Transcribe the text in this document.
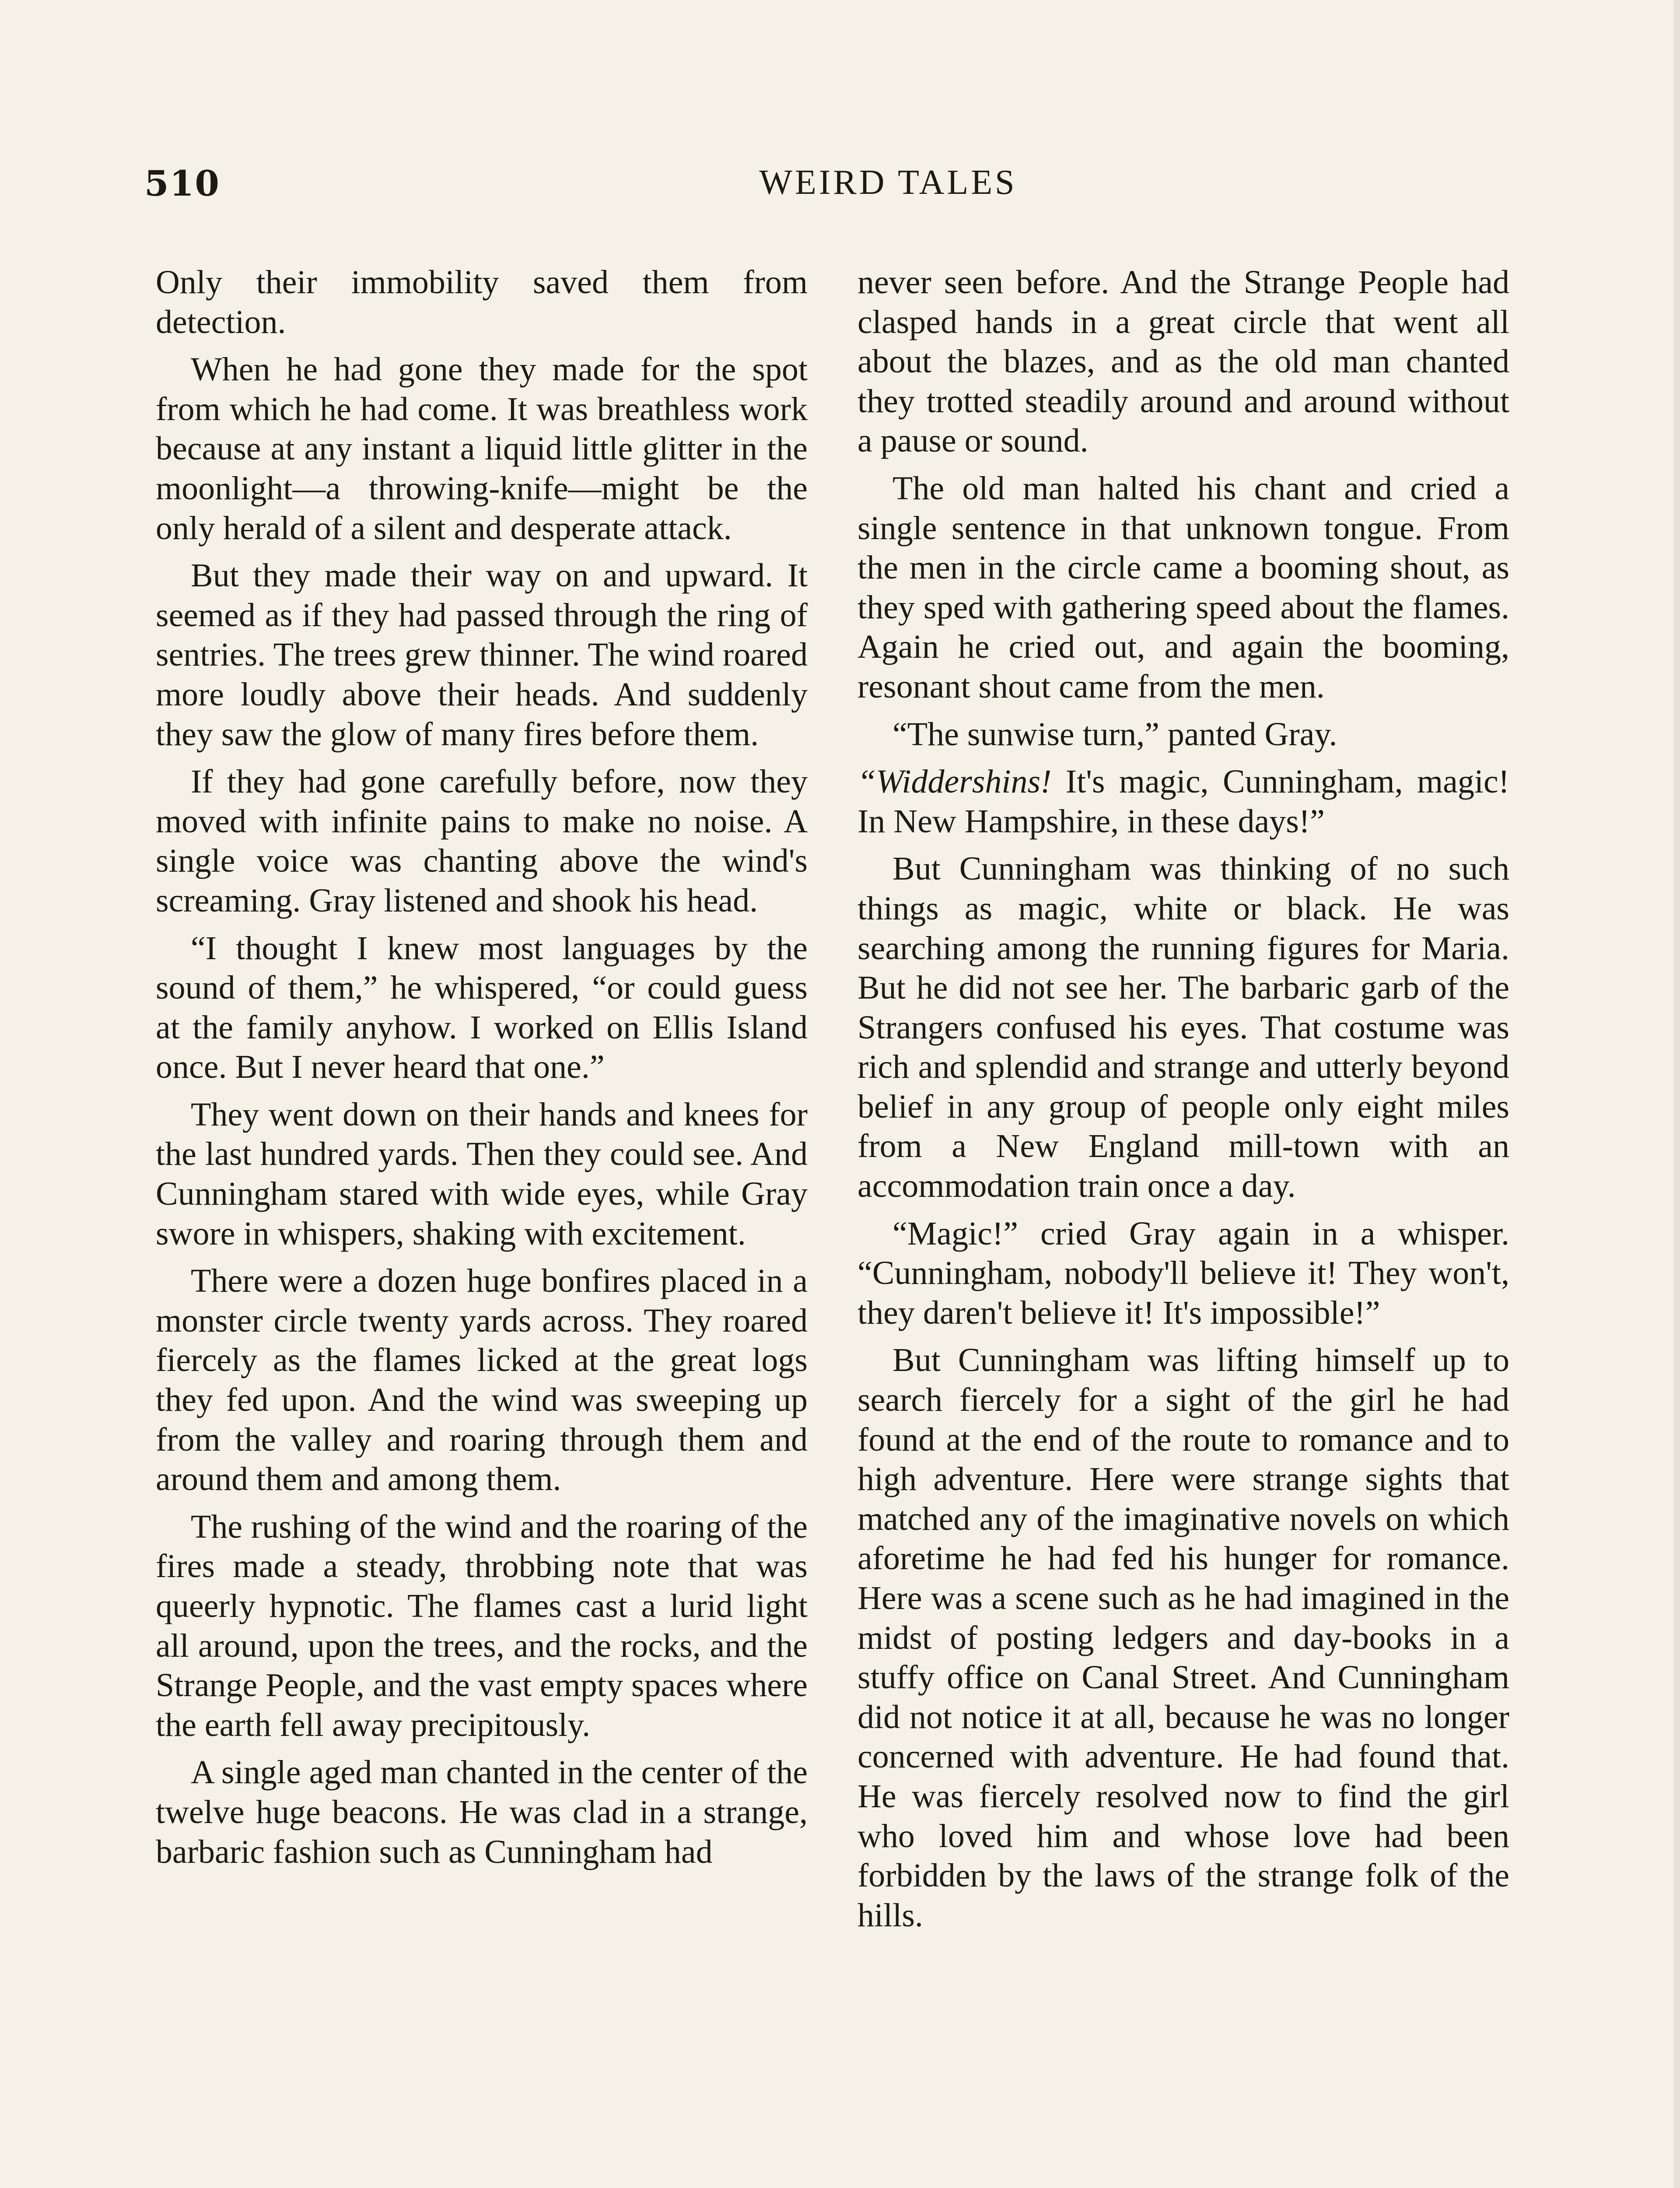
510	WEIRD TALES

Only their immobility saved them from detection.

When he had gone they made for the spot from which he had come. It was breathless work because at any instant a liquid little glitter in the moonlight—a throwing-knife—might be the only herald of a silent and desperate attack.

But they made their way on and upward. It seemed as if they had passed through the ring of sentries. The trees grew thinner. The wind roared more loudly above their heads. And suddenly they saw the glow of many fires before them.

If they had gone carefully before, now they moved with infinite pains to make no noise. A single voice was chanting above the wind's screaming. Gray listened and shook his head.

“I thought I knew most languages by the sound of them,” he whispered, “or could guess at the family anyhow. I worked on Ellis Island once. But I never heard that one.”

They went down on their hands and knees for the last hundred yards. Then they could see. And Cunningham stared with wide eyes, while Gray swore in whispers, shaking with excitement.

There were a dozen huge bonfires placed in a monster circle twenty yards across. They roared fiercely as the flames licked at the great logs they fed upon. And the wind was sweeping up from the valley and roaring through them and around them and among them.

The rushing of the wind and the roaring of the fires made a steady, throbbing note that was queerly hypnotic. The flames cast a lurid light all around, upon the trees, and the rocks, and the Strange People, and the vast empty spaces where the earth fell away precipitously.

A single aged man chanted in the center of the twelve huge beacons. He was clad in a strange, barbaric fashion such as Cunningham had

never seen before. And the Strange People had clasped hands in a great circle that went all about the blazes, and as the old man chanted they trotted steadily around and around without a pause or sound.

The old man halted his chant and cried a single sentence in that unknown tongue. From the men in the circle came a booming shout, as they sped with gathering speed about the flames. Again he cried out, and again the booming, resonant shout came from the men.

“The sunwise turn,” panted Gray.

“Widdershins! It's magic, Cunningham, magic! In New Hampshire, in these days!”

But Cunningham was thinking of no such things as magic, white or black. He was searching among the running figures for Maria. But he did not see her. The barbaric garb of the Strangers confused his eyes. That costume was rich and splendid and strange and utterly beyond belief in any group of people only eight miles from a New England mill-town with an accommodation train once a day.

“Magic!” cried Gray again in a whisper. “Cunningham, nobody'll believe it! They won't, they daren't believe it! It's impossible!”

But Cunningham was lifting himself up to search fiercely for a sight of the girl he had found at the end of the route to romance and to high adventure. Here were strange sights that matched any of the imaginative novels on which aforetime he had fed his hunger for romance. Here was a scene such as he had imagined in the midst of posting ledgers and day-books in a stuffy office on Canal Street. And Cunningham did not notice it at all, because he was no longer concerned with adventure. He had found that. He was fiercely resolved now to find the girl who loved him and whose love had been forbidden by the laws of the strange folk of the hills.
